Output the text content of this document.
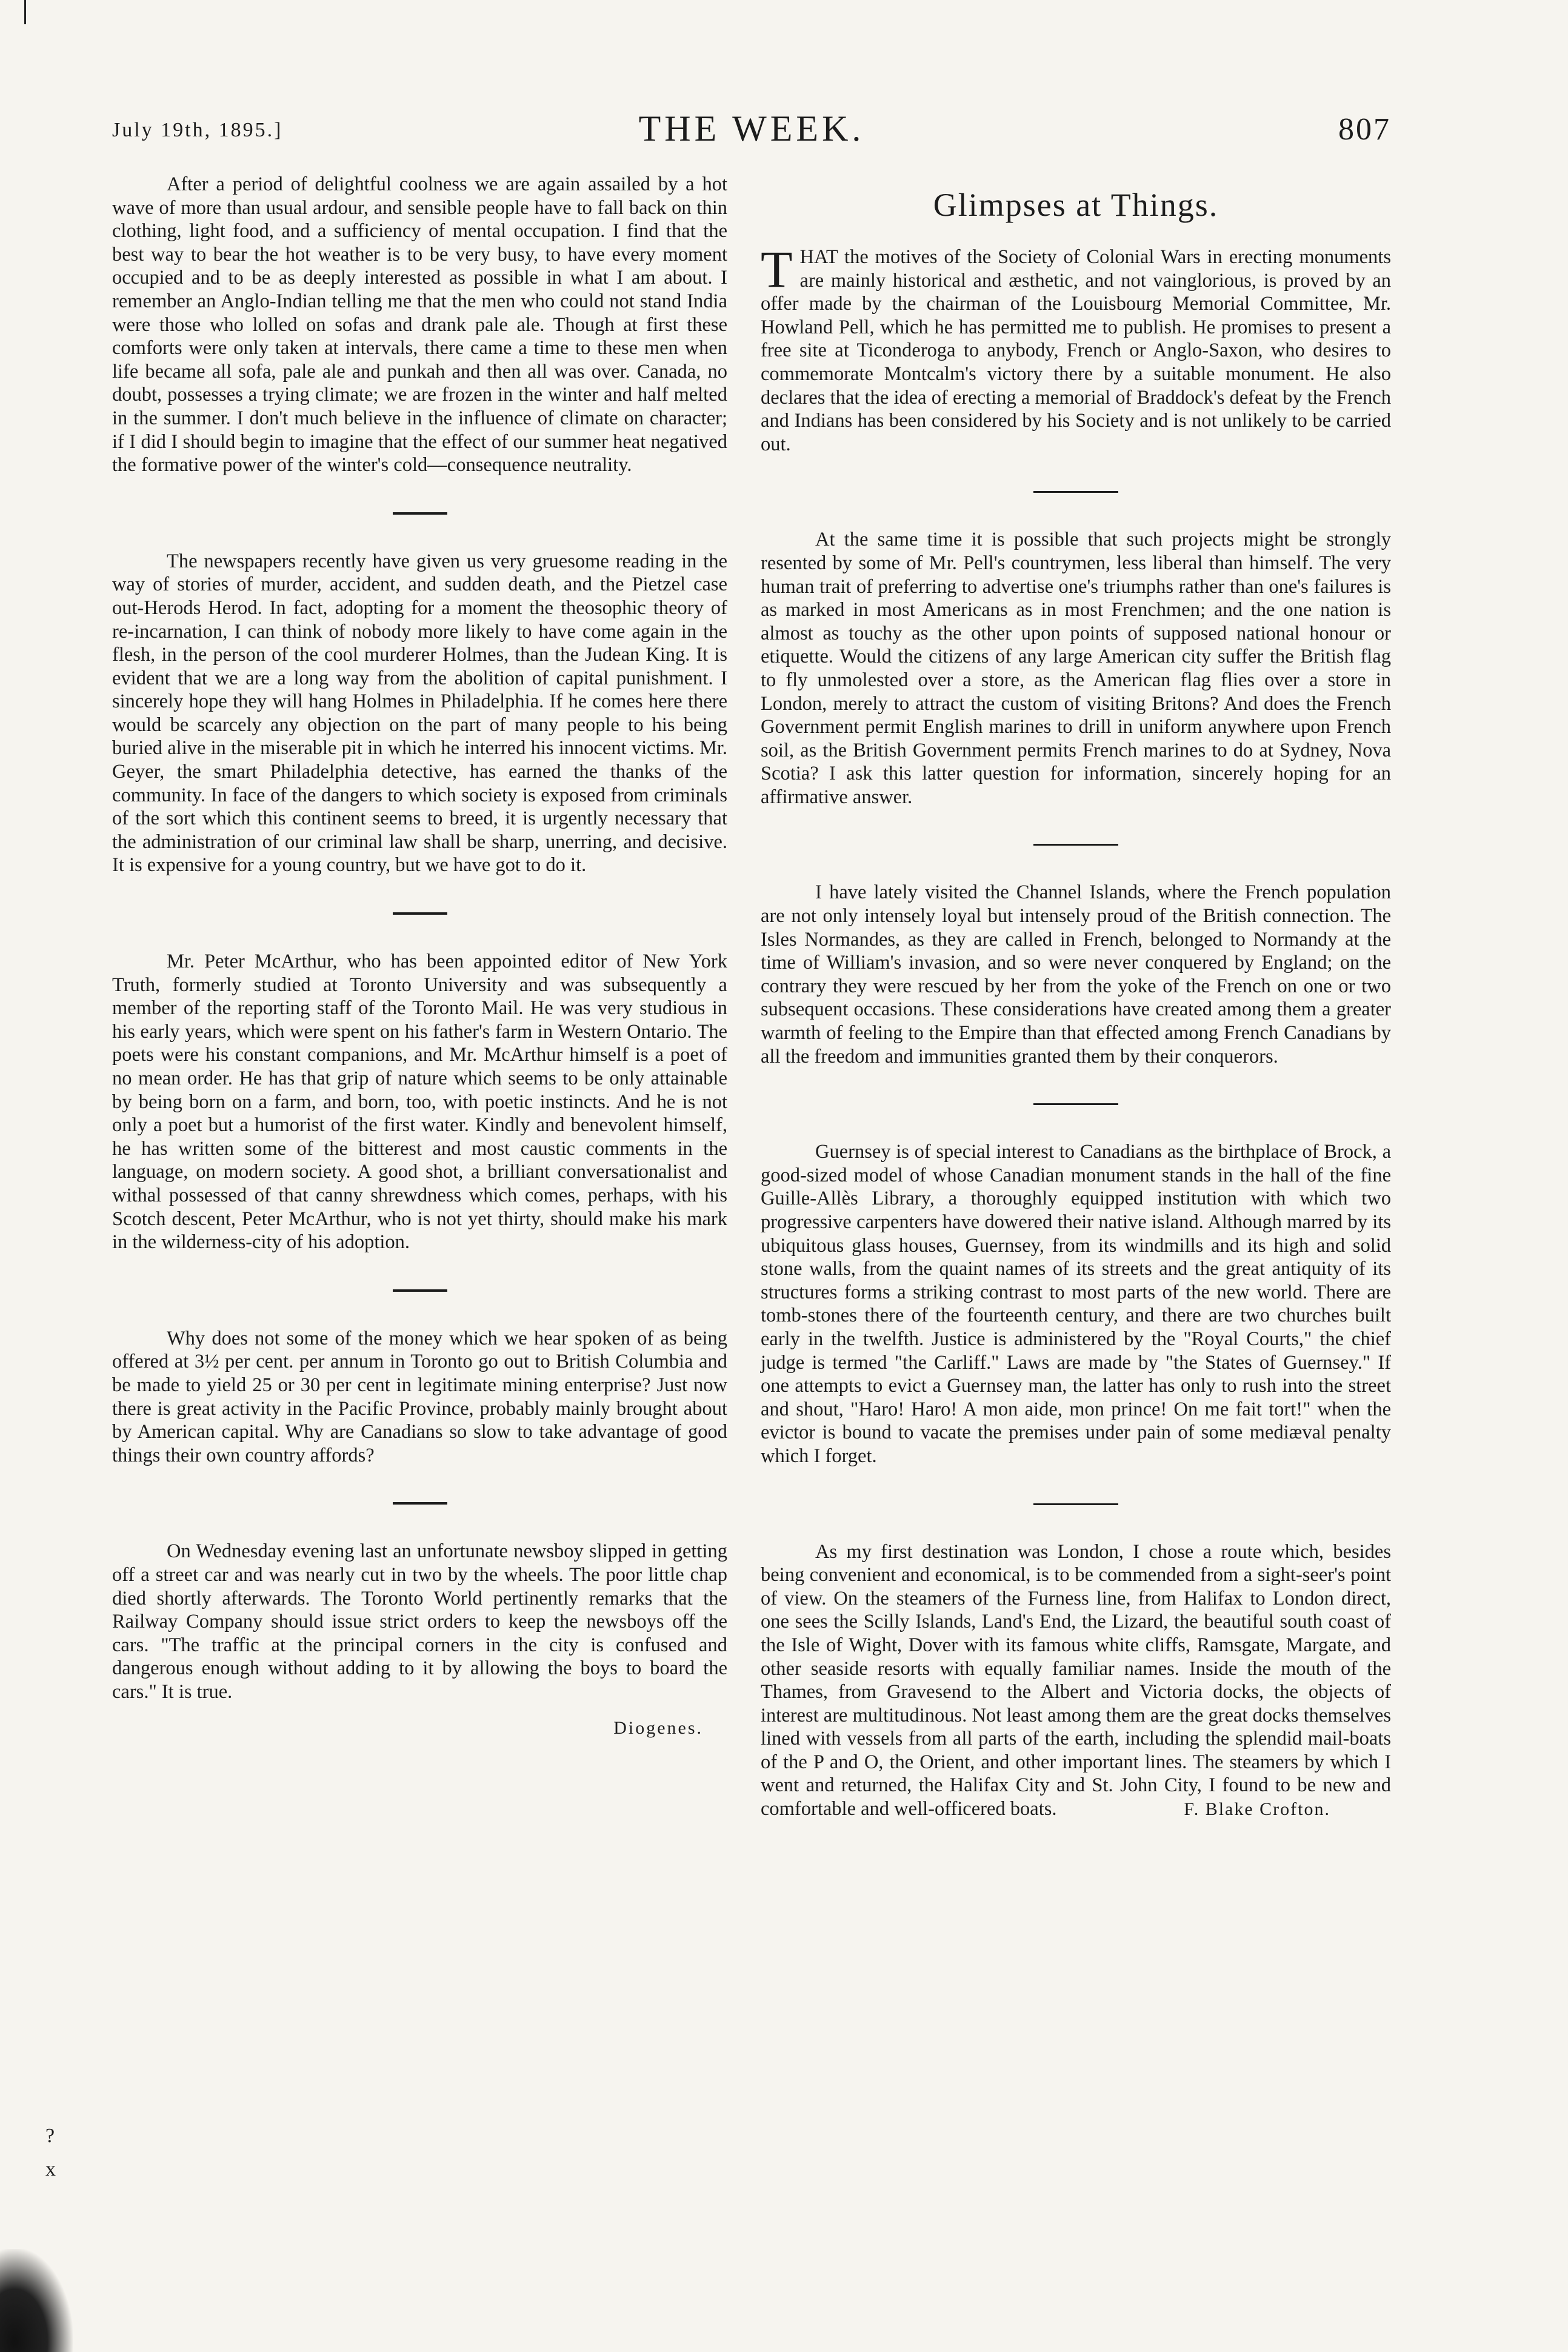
July 19th, 1895.]	THE WEEK.	807

After a period of delightful coolness we are again assailed by a hot wave of more than usual ardour, and sensible people have to fall back on thin clothing, light food, and a sufficiency of mental occupation. I find that the best way to bear the hot weather is to be very busy, to have every moment occupied and to be as deeply interested as possible in what I am about. I remember an Anglo-Indian telling me that the men who could not stand India were those who lolled on sofas and drank pale ale. Though at first these comforts were only taken at intervals, there came a time to these men when life became all sofa, pale ale and punkah and then all was over. Canada, no doubt, possesses a trying climate; we are frozen in the winter and half melted in the summer. I don't much believe in the influence of climate on character; if I did I should begin to imagine that the effect of our summer heat negatived the formative power of the winter's cold—consequence neutrality.

The newspapers recently have given us very gruesome reading in the way of stories of murder, accident, and sudden death, and the Pietzel case out-Herods Herod. In fact, adopting for a moment the theosophic theory of re-incarnation, I can think of nobody more likely to have come again in the flesh, in the person of the cool murderer Holmes, than the Judean King. It is evident that we are a long way from the abolition of capital punishment. I sincerely hope they will hang Holmes in Philadelphia. If he comes here there would be scarcely any objection on the part of many people to his being buried alive in the miserable pit in which he interred his innocent victims. Mr. Geyer, the smart Philadelphia detective, has earned the thanks of the community. In face of the dangers to which society is exposed from criminals of the sort which this continent seems to breed, it is urgently necessary that the administration of our criminal law shall be sharp, unerring, and decisive. It is expensive for a young country, but we have got to do it.

Mr. Peter McArthur, who has been appointed editor of New York Truth, formerly studied at Toronto University and was subsequently a member of the reporting staff of the Toronto Mail. He was very studious in his early years, which were spent on his father's farm in Western Ontario. The poets were his constant companions, and Mr. McArthur himself is a poet of no mean order. He has that grip of nature which seems to be only attainable by being born on a farm, and born, too, with poetic instincts. And he is not only a poet but a humorist of the first water. Kindly and benevolent himself, he has written some of the bitterest and most caustic comments in the language, on modern society. A good shot, a brilliant conversationalist and withal possessed of that canny shrewdness which comes, perhaps, with his Scotch descent, Peter McArthur, who is not yet thirty, should make his mark in the wilderness-city of his adoption.

Why does not some of the money which we hear spoken of as being offered at 3½ per cent. per annum in Toronto go out to British Columbia and be made to yield 25 or 30 per cent in legitimate mining enterprise? Just now there is great activity in the Pacific Province, probably mainly brought about by American capital. Why are Canadians so slow to take advantage of good things their own country affords?

On Wednesday evening last an unfortunate newsboy slipped in getting off a street car and was nearly cut in two by the wheels. The poor little chap died shortly afterwards. The Toronto World pertinently remarks that the Railway Company should issue strict orders to keep the newsboys off the cars. "The traffic at the principal corners in the city is confused and dangerous enough without adding to it by allowing the boys to board the cars." It is true.

Diogenes.
Glimpses at Things.

THAT the motives of the Society of Colonial Wars in erecting monuments are mainly historical and æsthetic, and not vainglorious, is proved by an offer made by the chairman of the Louisbourg Memorial Committee, Mr. Howland Pell, which he has permitted me to publish. He promises to present a free site at Ticonderoga to anybody, French or Anglo-Saxon, who desires to commemorate Montcalm's victory there by a suitable monument. He also declares that the idea of erecting a memorial of Braddock's defeat by the French and Indians has been considered by his Society and is not unlikely to be carried out.

At the same time it is possible that such projects might be strongly resented by some of Mr. Pell's countrymen, less liberal than himself. The very human trait of preferring to advertise one's triumphs rather than one's failures is as marked in most Americans as in most Frenchmen; and the one nation is almost as touchy as the other upon points of supposed national honour or etiquette. Would the citizens of any large American city suffer the British flag to fly unmolested over a store, as the American flag flies over a store in London, merely to attract the custom of visiting Britons? And does the French Government permit English marines to drill in uniform anywhere upon French soil, as the British Government permits French marines to do at Sydney, Nova Scotia? I ask this latter question for information, sincerely hoping for an affirmative answer.

I have lately visited the Channel Islands, where the French population are not only intensely loyal but intensely proud of the British connection. The Isles Normandes, as they are called in French, belonged to Normandy at the time of William's invasion, and so were never conquered by England; on the contrary they were rescued by her from the yoke of the French on one or two subsequent occasions. These considerations have created among them a greater warmth of feeling to the Empire than that effected among French Canadians by all the freedom and immunities granted them by their conquerors.

Guernsey is of special interest to Canadians as the birthplace of Brock, a good-sized model of whose Canadian monument stands in the hall of the fine Guille-Allès Library, a thoroughly equipped institution with which two progressive carpenters have dowered their native island. Although marred by its ubiquitous glass houses, Guernsey, from its windmills and its high and solid stone walls, from the quaint names of its streets and the great antiquity of its structures forms a striking contrast to most parts of the new world. There are tomb-stones there of the fourteenth century, and there are two churches built early in the twelfth. Justice is administered by the "Royal Courts," the chief judge is termed "the Carliff." Laws are made by "the States of Guernsey." If one attempts to evict a Guernsey man, the latter has only to rush into the street and shout, "Haro! Haro! A mon aide, mon prince! On me fait tort!" when the evictor is bound to vacate the premises under pain of some mediæval penalty which I forget.

As my first destination was London, I chose a route which, besides being convenient and economical, is to be commended from a sight-seer's point of view. On the steamers of the Furness line, from Halifax to London direct, one sees the Scilly Islands, Land's End, the Lizard, the beautiful south coast of the Isle of Wight, Dover with its famous white cliffs, Ramsgate, Margate, and other seaside resorts with equally familiar names. Inside the mouth of the Thames, from Gravesend to the Albert and Victoria docks, the objects of interest are multitudinous. Not least among them are the great docks themselves lined with vessels from all parts of the earth, including the splendid mail-boats of the P and O, the Orient, and other important lines. The steamers by which I went and returned, the Halifax City and St. John City, I found to be new and comfortable and well-officered boats.	F. Blake Crofton.
?
x
